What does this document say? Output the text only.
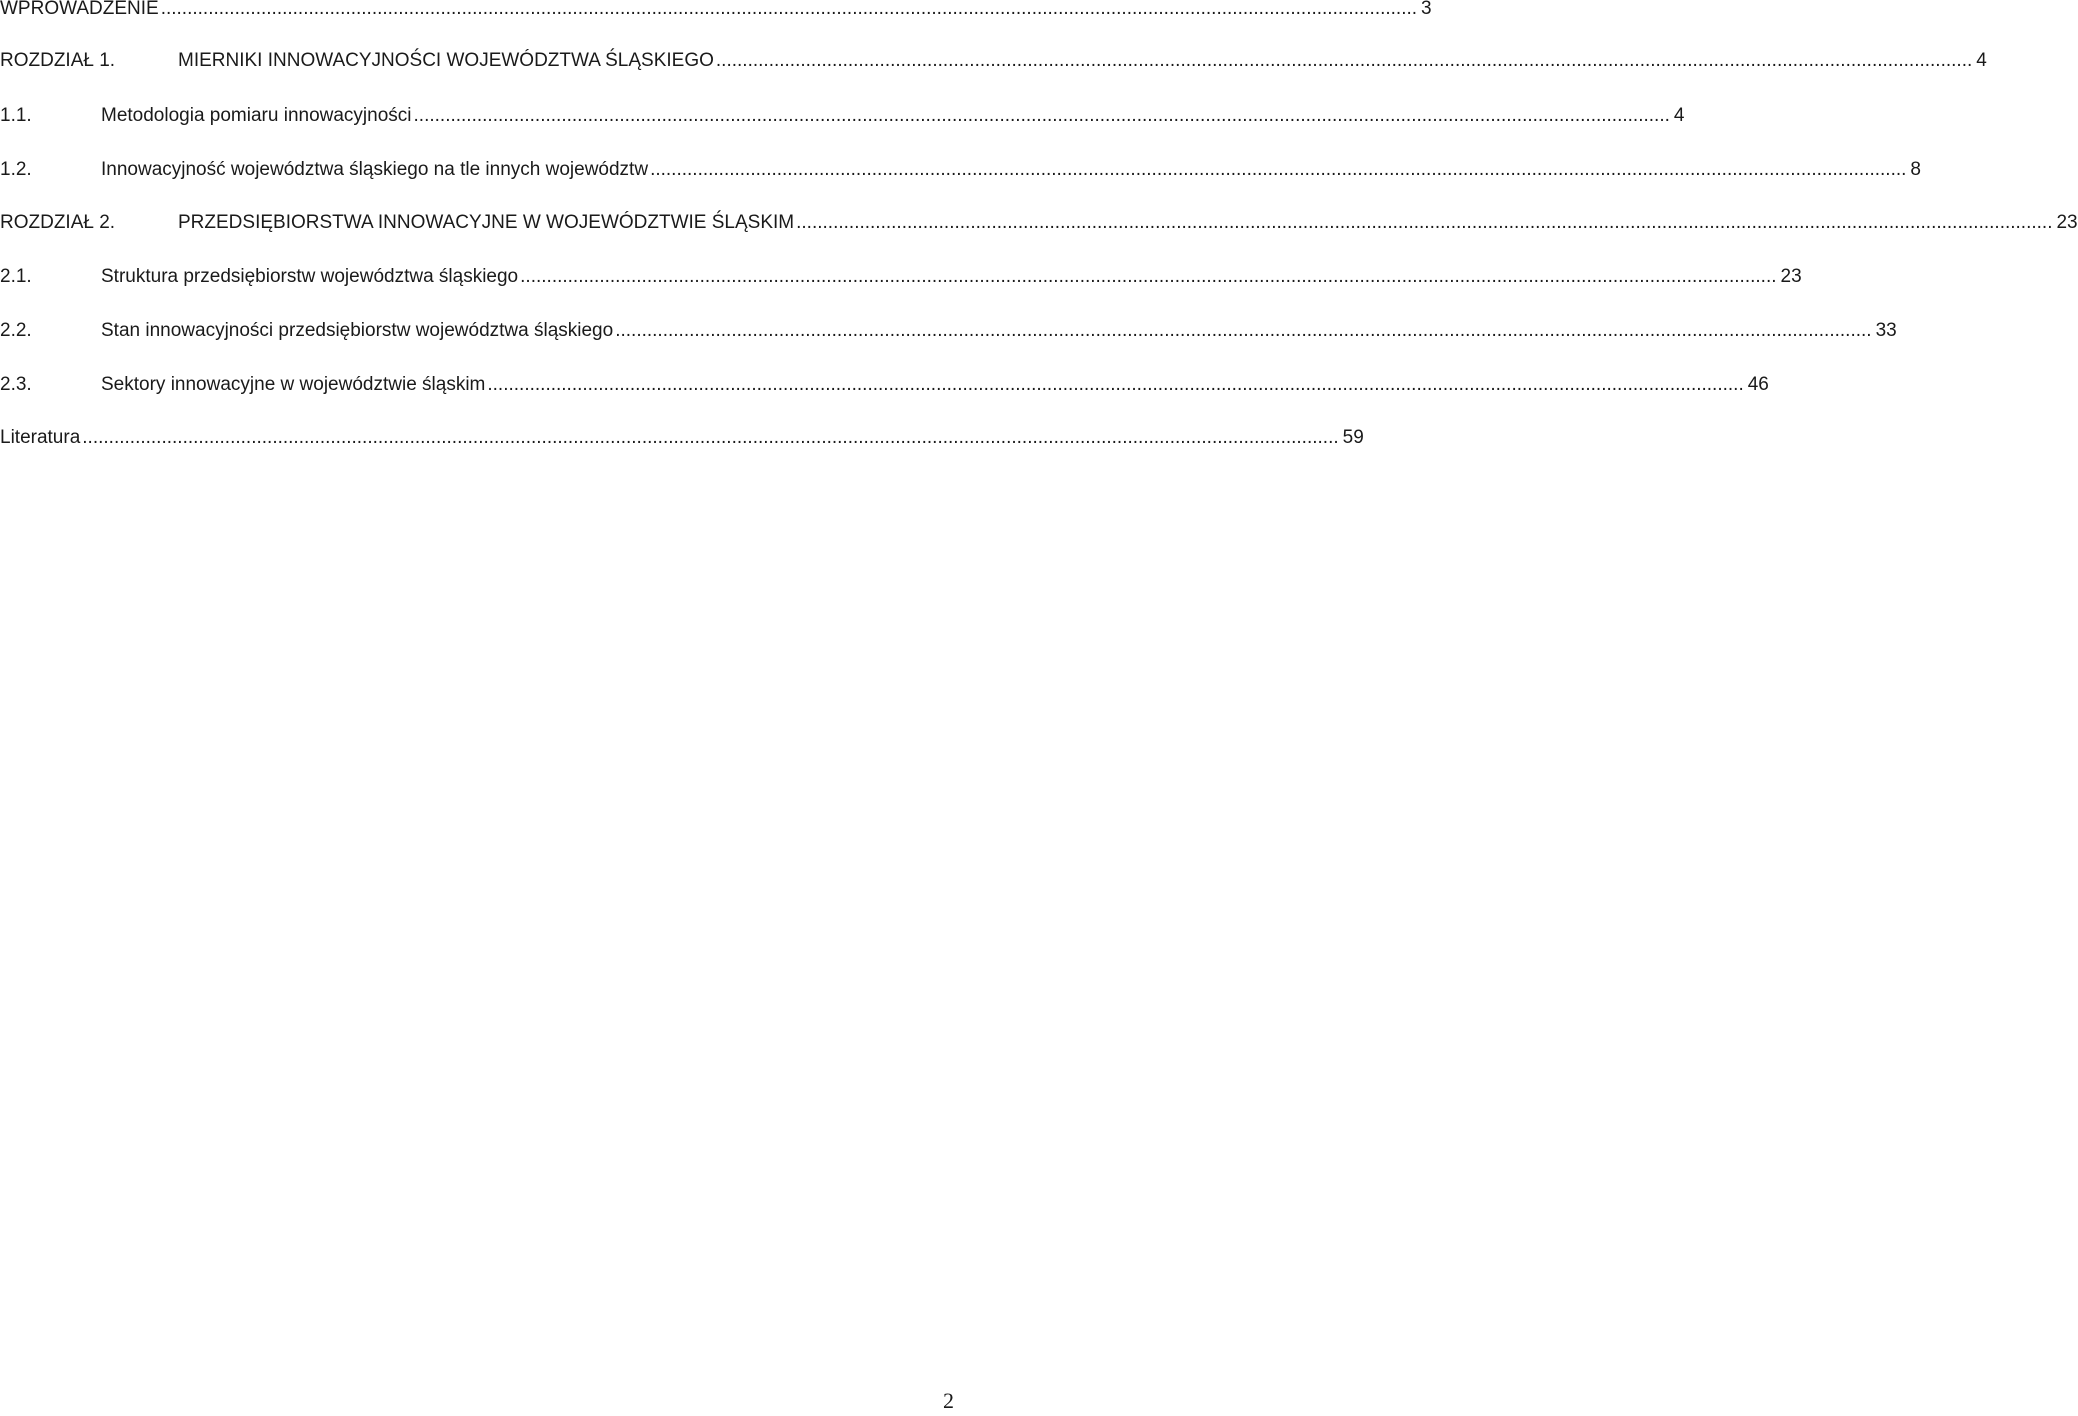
WPROWADZENIE .....	3
ROZDZIAŁ 1.	MIERNIKI INNOWACYJNOŚCI WOJEWÓDZTWA ŚLĄSKIEGO .....	4
1.1.	Metodologia pomiaru innowacyjności .....	4
1.2.	Innowacyjność województwa śląskiego na tle innych województw .....	8
ROZDZIAŁ 2.	PRZEDSIĘBIORSTWA INNOWACYJNE W WOJEWÓDZTWIE ŚLĄSKIM .....	23
2.1.	Struktura przedsiębiorstw województwa śląskiego .....	23
2.2.	Stan innowacyjności przedsiębiorstw województwa śląskiego .....	33
2.3.	Sektory innowacyjne w województwie śląskim .....	46
Literatura .....	59
2
